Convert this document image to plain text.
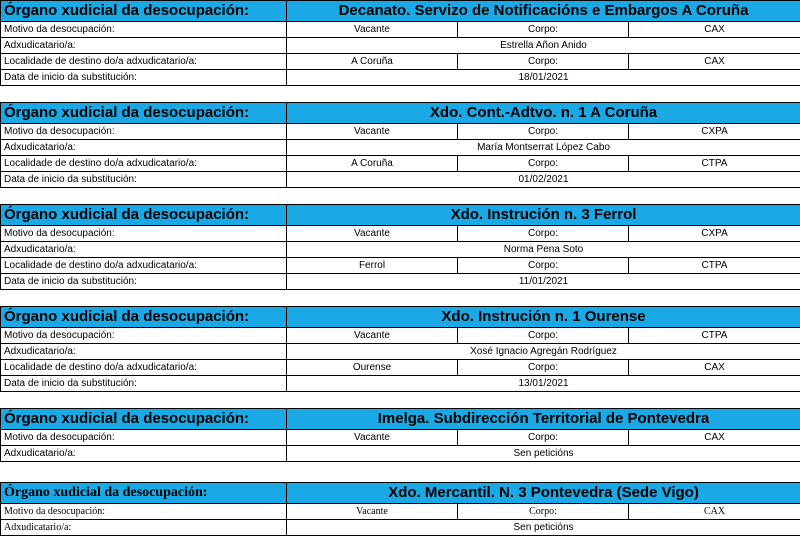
Órgano xudicial da desocupación:	Decanato. Servizo de Notificacións e Embargos A Coruña		
Motivo da desocupación:	Vacante	Corpo:	CAX
Adxudicatario/a:	Estrella Añon Anido		
Localidade de destino do/a adxudicatario/a:	A Coruña	Corpo:	CAX
Data de inicio da substitución:	18/01/2021		
Órgano xudicial da desocupación:	Xdo. Cont.-Adtvo. n. 1 A Coruña		
Motivo da desocupación:	Vacante	Corpo:	CXPA
Adxudicatario/a:	María Montserrat López Cabo		
Localidade de destino do/a adxudicatario/a:	A Coruña	Corpo:	CTPA
Data de inicio da substitución:	01/02/2021		
Órgano xudicial da desocupación:	Xdo. Instrución n. 3 Ferrol		
Motivo da desocupación:	Vacante	Corpo:	CXPA
Adxudicatario/a:	Norma Pena Soto		
Localidade de destino do/a adxudicatario/a:	Ferrol	Corpo:	CTPA
Data de inicio da substitución:	11/01/2021		
Órgano xudicial da desocupación:	Xdo. Instrución n. 1 Ourense		
Motivo da desocupación:	Vacante	Corpo:	CTPA
Adxudicatario/a:	Xosé Ignacio Agregán Rodríguez		
Localidade de destino do/a adxudicatario/a:	Ourense	Corpo:	CAX
Data de inicio da substitución:	13/01/2021		
Órgano xudicial da desocupación:	Imelga. Subdirección Territorial de Pontevedra		
Motivo da desocupación:	Vacante	Corpo:	CAX
Adxudicatario/a:	Sen peticións		
Órgano xudicial da desocupación:	Xdo. Mercantil. N. 3 Pontevedra (Sede Vigo)		
Motivo da desocupación:	Vacante	Corpo:	CAX
Adxudicatario/a:	Sen peticións		
